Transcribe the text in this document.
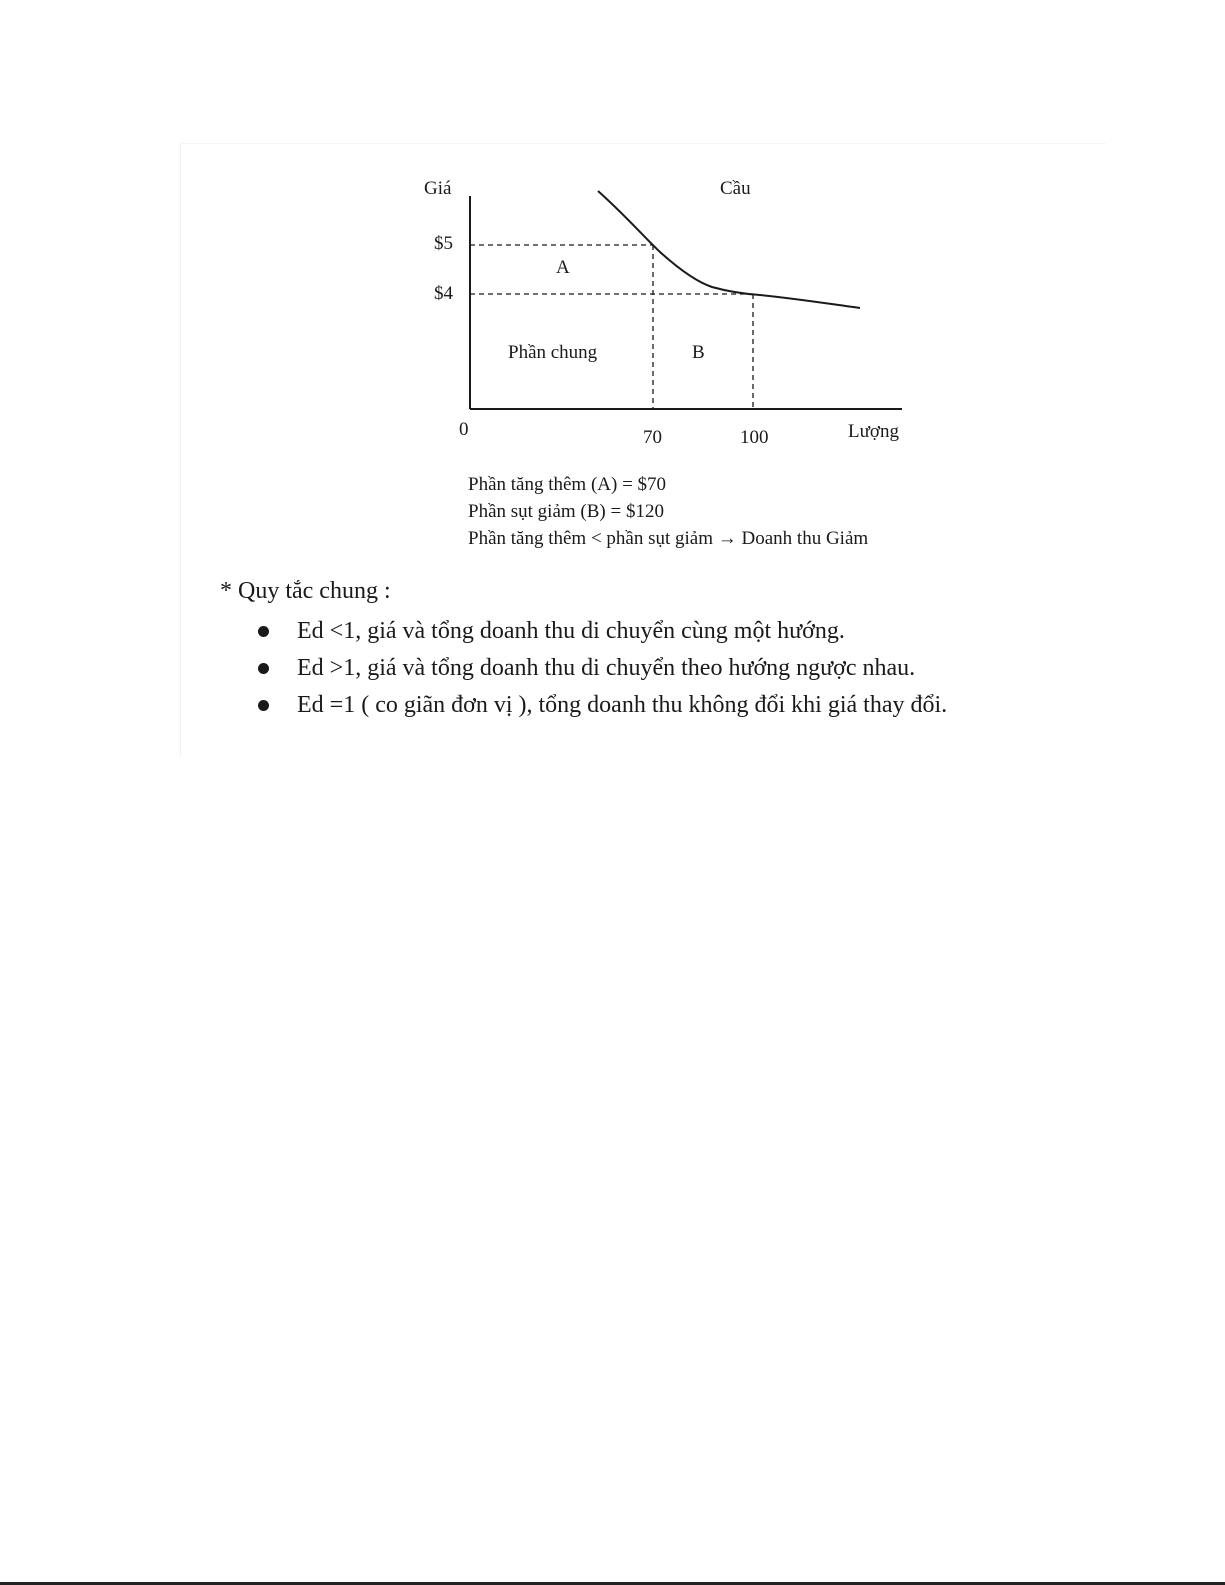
Giá	Cầu
$5
$4
A
Phần chung	B
0	70	100	Lượng
Phần tăng thêm (A) = $70
Phần sụt giảm (B) = $120
Phần tăng thêm < phần sụt giảm → Doanh thu Giảm
* Quy tắc chung :
Ed <1, giá và tổng doanh thu di chuyển cùng một hướng.
Ed >1, giá và tổng doanh thu di chuyển theo hướng ngược nhau.
Ed =1 ( co giãn đơn vị ), tổng doanh thu không đổi khi giá thay đổi.
